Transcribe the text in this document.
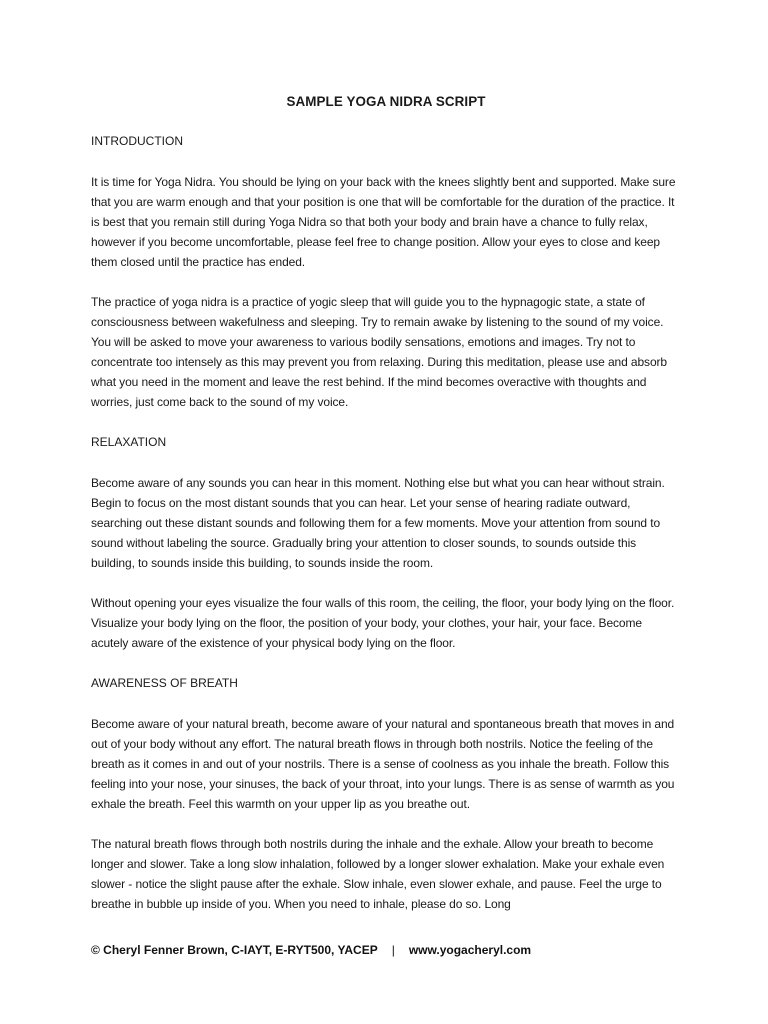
SAMPLE YOGA NIDRA SCRIPT
INTRODUCTION

It is time for Yoga Nidra. You should be lying on your back with the knees slightly bent and supported. Make sure that you are warm enough and that your position is one that will be comfortable for the duration of the practice. It is best that you remain still during Yoga Nidra so that both your body and brain have a chance to fully relax, however if you become uncomfortable, please feel free to change position. Allow your eyes to close and keep them closed until the practice has ended.

The practice of yoga nidra is a practice of yogic sleep that will guide you to the hypnagogic state, a state of consciousness between wakefulness and sleeping. Try to remain awake by listening to the sound of my voice. You will be asked to move your awareness to various bodily sensations, emotions and images. Try not to concentrate too intensely as this may prevent you from relaxing. During this meditation, please use and absorb what you need in the moment and leave the rest behind. If the mind becomes overactive with thoughts and worries, just come back to the sound of my voice.

RELAXATION

Become aware of any sounds you can hear in this moment. Nothing else but what you can hear without strain. Begin to focus on the most distant sounds that you can hear. Let your sense of hearing radiate outward, searching out these distant sounds and following them for a few moments. Move your attention from sound to sound without labeling the source. Gradually bring your attention to closer sounds, to sounds outside this building, to sounds inside this building, to sounds inside the room.

Without opening your eyes visualize the four walls of this room, the ceiling, the floor, your body lying on the floor. Visualize your body lying on the floor, the position of your body, your clothes, your hair, your face. Become acutely aware of the existence of your physical body lying on the floor.

AWARENESS OF BREATH

Become aware of your natural breath, become aware of your natural and spontaneous breath that moves in and out of your body without any effort. The natural breath flows in through both nostrils. Notice the feeling of the breath as it comes in and out of your nostrils. There is a sense of coolness as you inhale the breath. Follow this feeling into your nose, your sinuses, the back of your throat, into your lungs. There is as sense of warmth as you exhale the breath. Feel this warmth on your upper lip as you breathe out.

The natural breath flows through both nostrils during the inhale and the exhale. Allow your breath to become longer and slower. Take a long slow inhalation, followed by a longer slower exhalation. Make your exhale even slower - notice the slight pause after the exhale. Slow inhale, even slower exhale, and pause. Feel the urge to breathe in bubble up inside of you. When you need to inhale, please do so. Long

© Cheryl Fenner Brown, C-IAYT, E-RYT500, YACEP | www.yogacheryl.com
